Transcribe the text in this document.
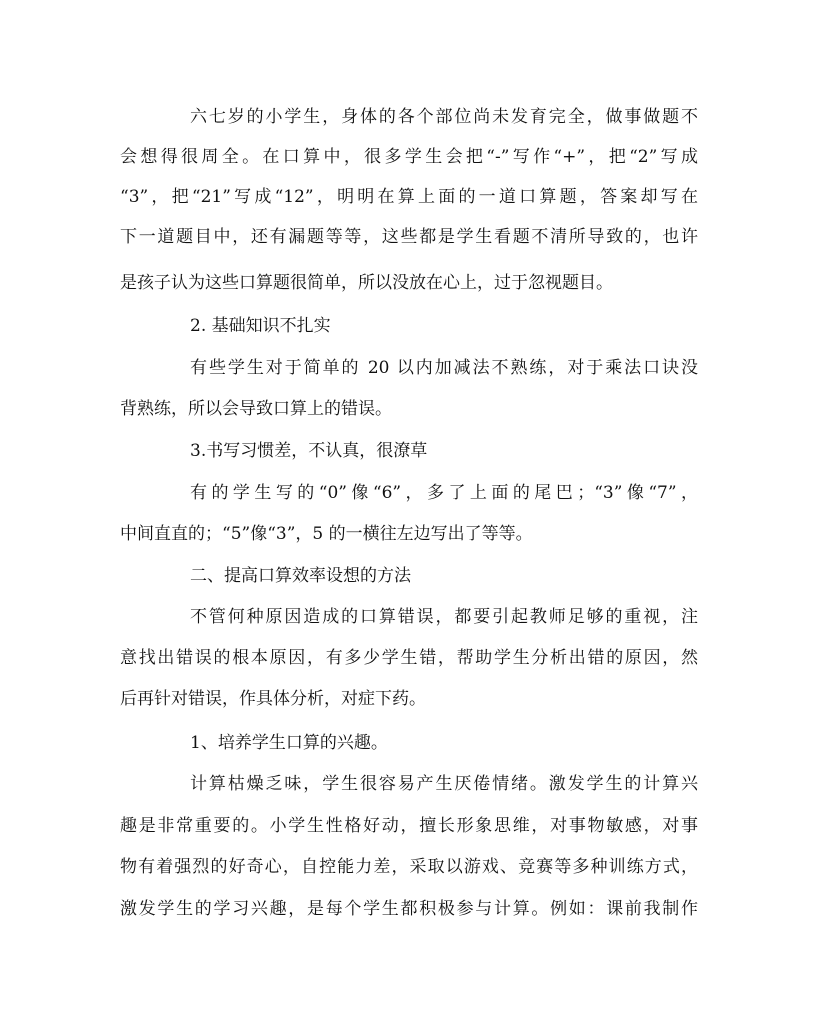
六七岁的小学生，身体的各个部位尚未发育完全，做事做题不

会想得很周全。在口算中，很多学生会把“-”写作“+”，把“2”写成

“3”，把“21”写成“12”，明明在算上面的一道口算题，答案却写在

下一道题目中，还有漏题等等，这些都是学生看题不清所导致的，也许

是孩子认为这些口算题很简单，所以没放在心上，过于忽视题目。

2. 基础知识不扎实

有些学生对于简单的 20 以内加减法不熟练，对于乘法口诀没

背熟练，所以会导致口算上的错误。

3.书写习惯差，不认真，很潦草

有的学生写的“0”像“6”，多了上面的尾巴；“3”像“7”，

中间直直的；“5”像“3”，5 的一横往左边写出了等等。

二、提高口算效率设想的方法

不管何种原因造成的口算错误，都要引起教师足够的重视，注

意找出错误的根本原因，有多少学生错，帮助学生分析出错的原因，然

后再针对错误，作具体分析，对症下药。

1、培养学生口算的兴趣。

计算枯燥乏味，学生很容易产生厌倦情绪。激发学生的计算兴

趣是非常重要的。小学生性格好动，擅长形象思维，对事物敏感，对事

物有着强烈的好奇心，自控能力差，采取以游戏、竞赛等多种训练方式，

激发学生的学习兴趣，是每个学生都积极参与计算。例如：课前我制作
